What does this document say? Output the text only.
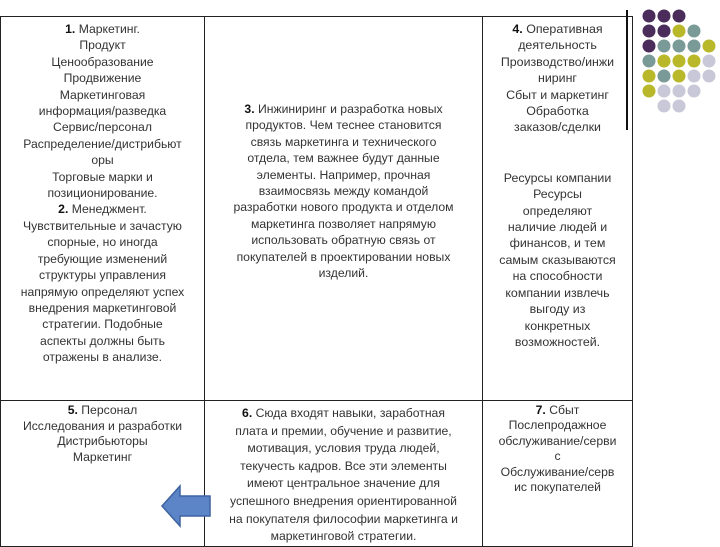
1. Маркетинг.
Продукт
Ценообразование
Продвижение
Маркетинговая
информация/разведка
Сервис/персонал
Распределение/дистрибьют
оры
Торговые марки и
позиционирование.
2. Менеджмент.
Чувствительные и зачастую
спорные, но иногда
требующие изменений
структуры управления
напрямую определяют успех
внедрения маркетинговой
стратегии. Подобные
аспекты должны быть
отражены в анализе.
3. Инжиниринг и разработка новых
продуктов. Чем теснее становится
связь маркетинга и технического
отдела, тем важнее будут данные
элементы. Например, прочная
взаимосвязь между командой
разработки нового продукта и отделом
маркетинга позволяет напрямую
использовать обратную связь от
покупателей в проектировании новых
изделий.
4. Оперативная
деятельность
Производство/инжи
ниринг
Сбыт и маркетинг
Обработка
заказов/сделки
Ресурсы компании
Ресурсы
определяют
наличие людей и
финансов, и тем
самым сказываются
на способности
компании извлечь
выгоду из
конкретных
возможностей.
5. Персонал
Исследования и разработки
Дистрибьюторы
Маркетинг
6. Сюда входят навыки, заработная
плата и премии, обучение и развитие,
мотивация, условия труда людей,
текучесть кадров. Все эти элементы
имеют центральное значение для
успешного внедрения ориентированной
на покупателя философии маркетинга и
маркетинговой стратегии.
7. Сбыт
Послепродажное
обслуживание/серви
с
Обслуживание/серв
ис покупателей
